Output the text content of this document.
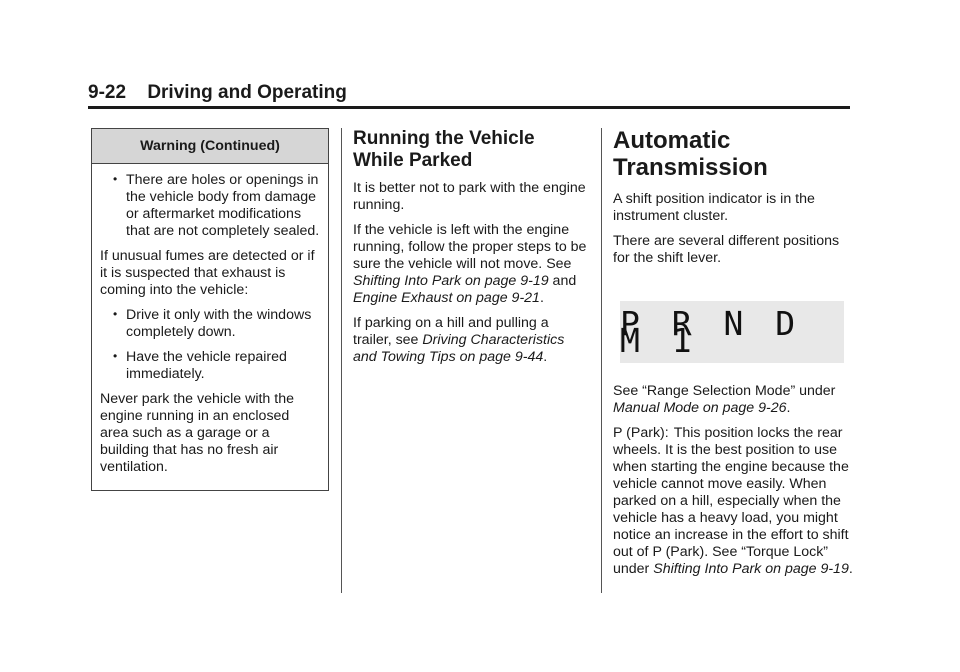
9-22 Driving and Operating
Warning (Continued)
• There are holes or openings in the vehicle body from damage or aftermarket modifications that are not completely sealed.

If unusual fumes are detected or if it is suspected that exhaust is coming into the vehicle:

• Drive it only with the windows completely down.
• Have the vehicle repaired immediately.

Never park the vehicle with the engine running in an enclosed area such as a garage or a building that has no fresh air ventilation.

Running the Vehicle While Parked

It is better not to park with the engine running.

If the vehicle is left with the engine running, follow the proper steps to be sure the vehicle will not move. See Shifting Into Park on page 9-19 and Engine Exhaust on page 9-21.

If parking on a hill and pulling a trailer, see Driving Characteristics and Towing Tips on page 9-44.

Automatic Transmission

A shift position indicator is in the instrument cluster.

There are several different positions for the shift lever.

P R N D M 1

See “Range Selection Mode” under Manual Mode on page 9-26.

P (Park): This position locks the rear wheels. It is the best position to use when starting the engine because the vehicle cannot move easily. When parked on a hill, especially when the vehicle has a heavy load, you might notice an increase in the effort to shift out of P (Park). See “Torque Lock” under Shifting Into Park on page 9-19.
